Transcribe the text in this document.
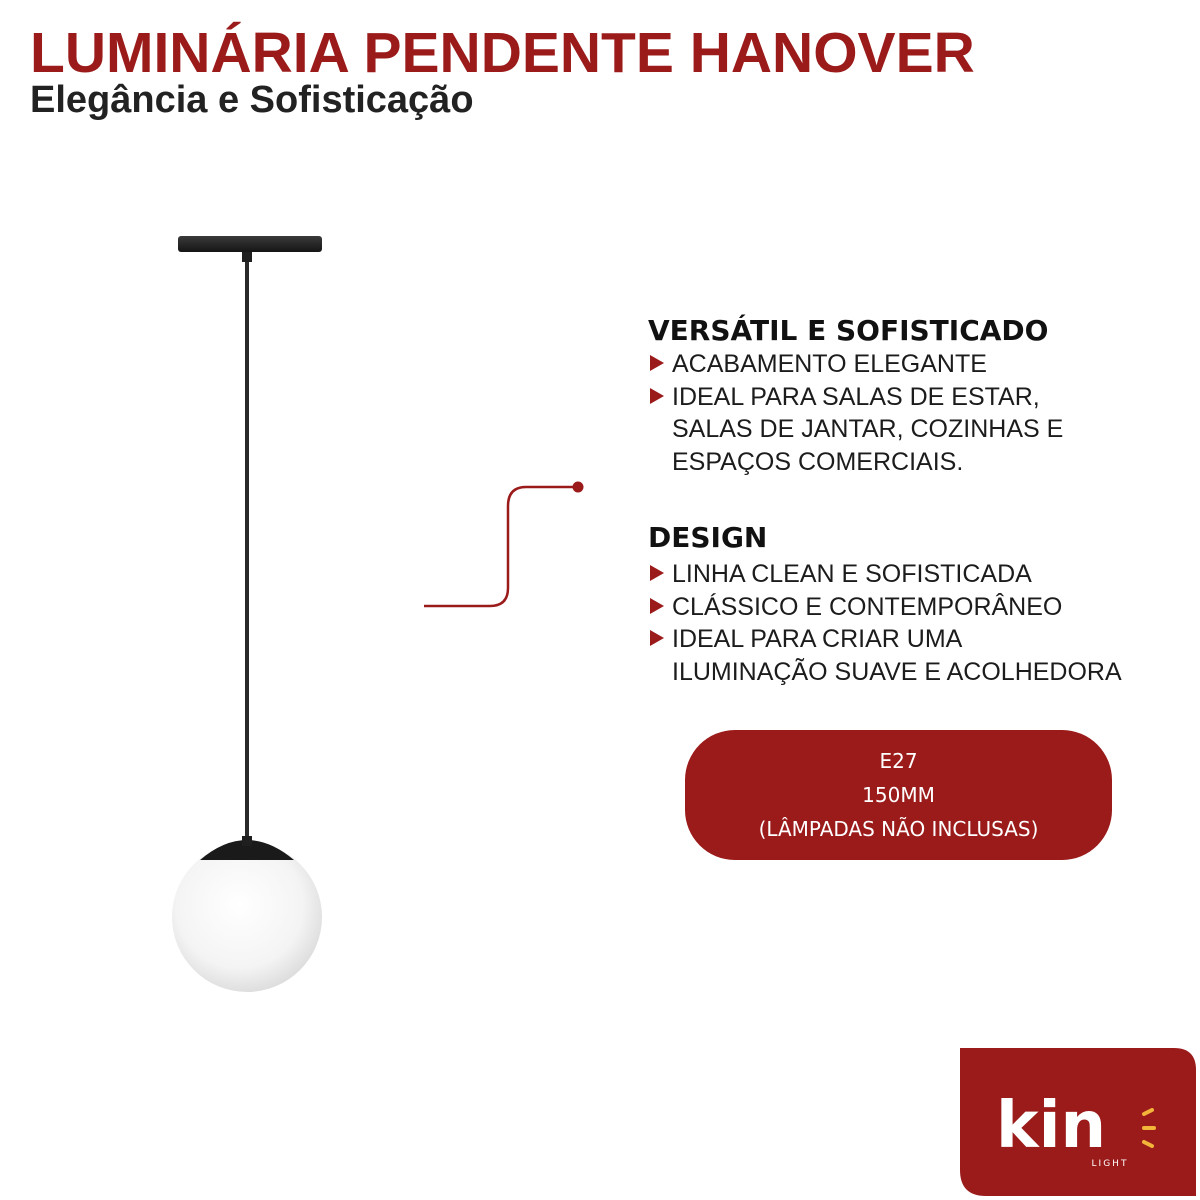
LUMINÁRIA PENDENTE HANOVER
Elegância e Sofisticação
VERSÁTIL E SOFISTICADO
ACABAMENTO ELEGANTE
IDEAL PARA SALAS DE ESTAR,
SALAS DE JANTAR, COZINHAS E
ESPAÇOS COMERCIAIS.
DESIGN
LINHA CLEAN E SOFISTICADA
CLÁSSICO E CONTEMPORÂNEO
IDEAL PARA CRIAR UMA
ILUMINAÇÃO SUAVE E ACOLHEDORA
E27
150MM
(LÂMPADAS NÃO INCLUSAS)
kin
LIGHT
